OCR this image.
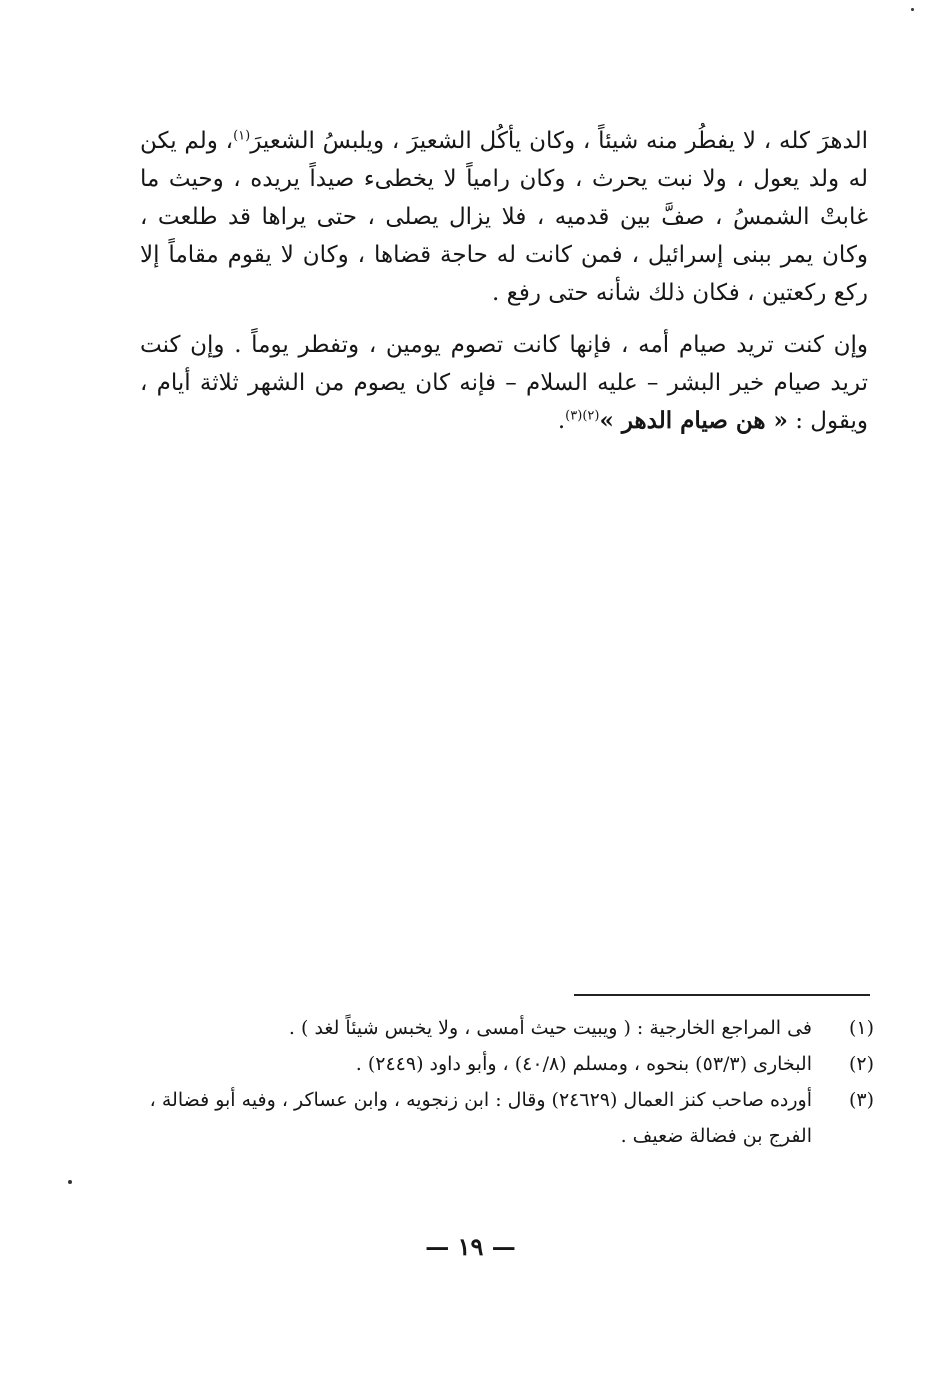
الدهرَ كله ، لا يفطُر منه شيئاً ، وكان يأكُل الشعيرَ ، ويلبسُ الشعيرَ$^{(١)}$، ولم يكن له ولد يعول ، ولا نبت يحرث ، وكان رامياً لا يخطىء صيداً يريده ، وحيث ما غابتْ الشمسُ ، صفَّ بين قدميه ، فلا يزال يصلى ، حتى يراها قد طلعت ، وكان يمر ببنى إسرائيل ، فمن كانت له حاجة قضاها ، وكان لا يقوم مقاماً إلا ركع ركعتين ، فكان ذلك شأنه حتى رفع .

وإن كنت تريد صيام أمه ، فإنها كانت تصوم يومين ، وتفطر يوماً . وإن كنت تريد صيام خير البشر – عليه السلام – فإنه كان يصوم من الشهر ثلاثة أيام ، ويقول : « هن صيام الدهر »$^{(٢)(٣)}$.

(١)
فى المراجع الخارجية : ( ويبيت حيث أمسى ، ولا يخبس شيئاً لغد ) .
(٢)
البخارى (٥٣/٣) بنحوه ، ومسلم (٤٠/٨) ، وأبو داود (٢٤٤٩) .
(٣)
أورده صاحب كنز العمال (٢٤٦٢٩) وقال : ابن زنجويه ، وابن عساكر ، وفيه أبو فضالة ، الفرج بن فضالة ضعيف .
— ١٩ —
